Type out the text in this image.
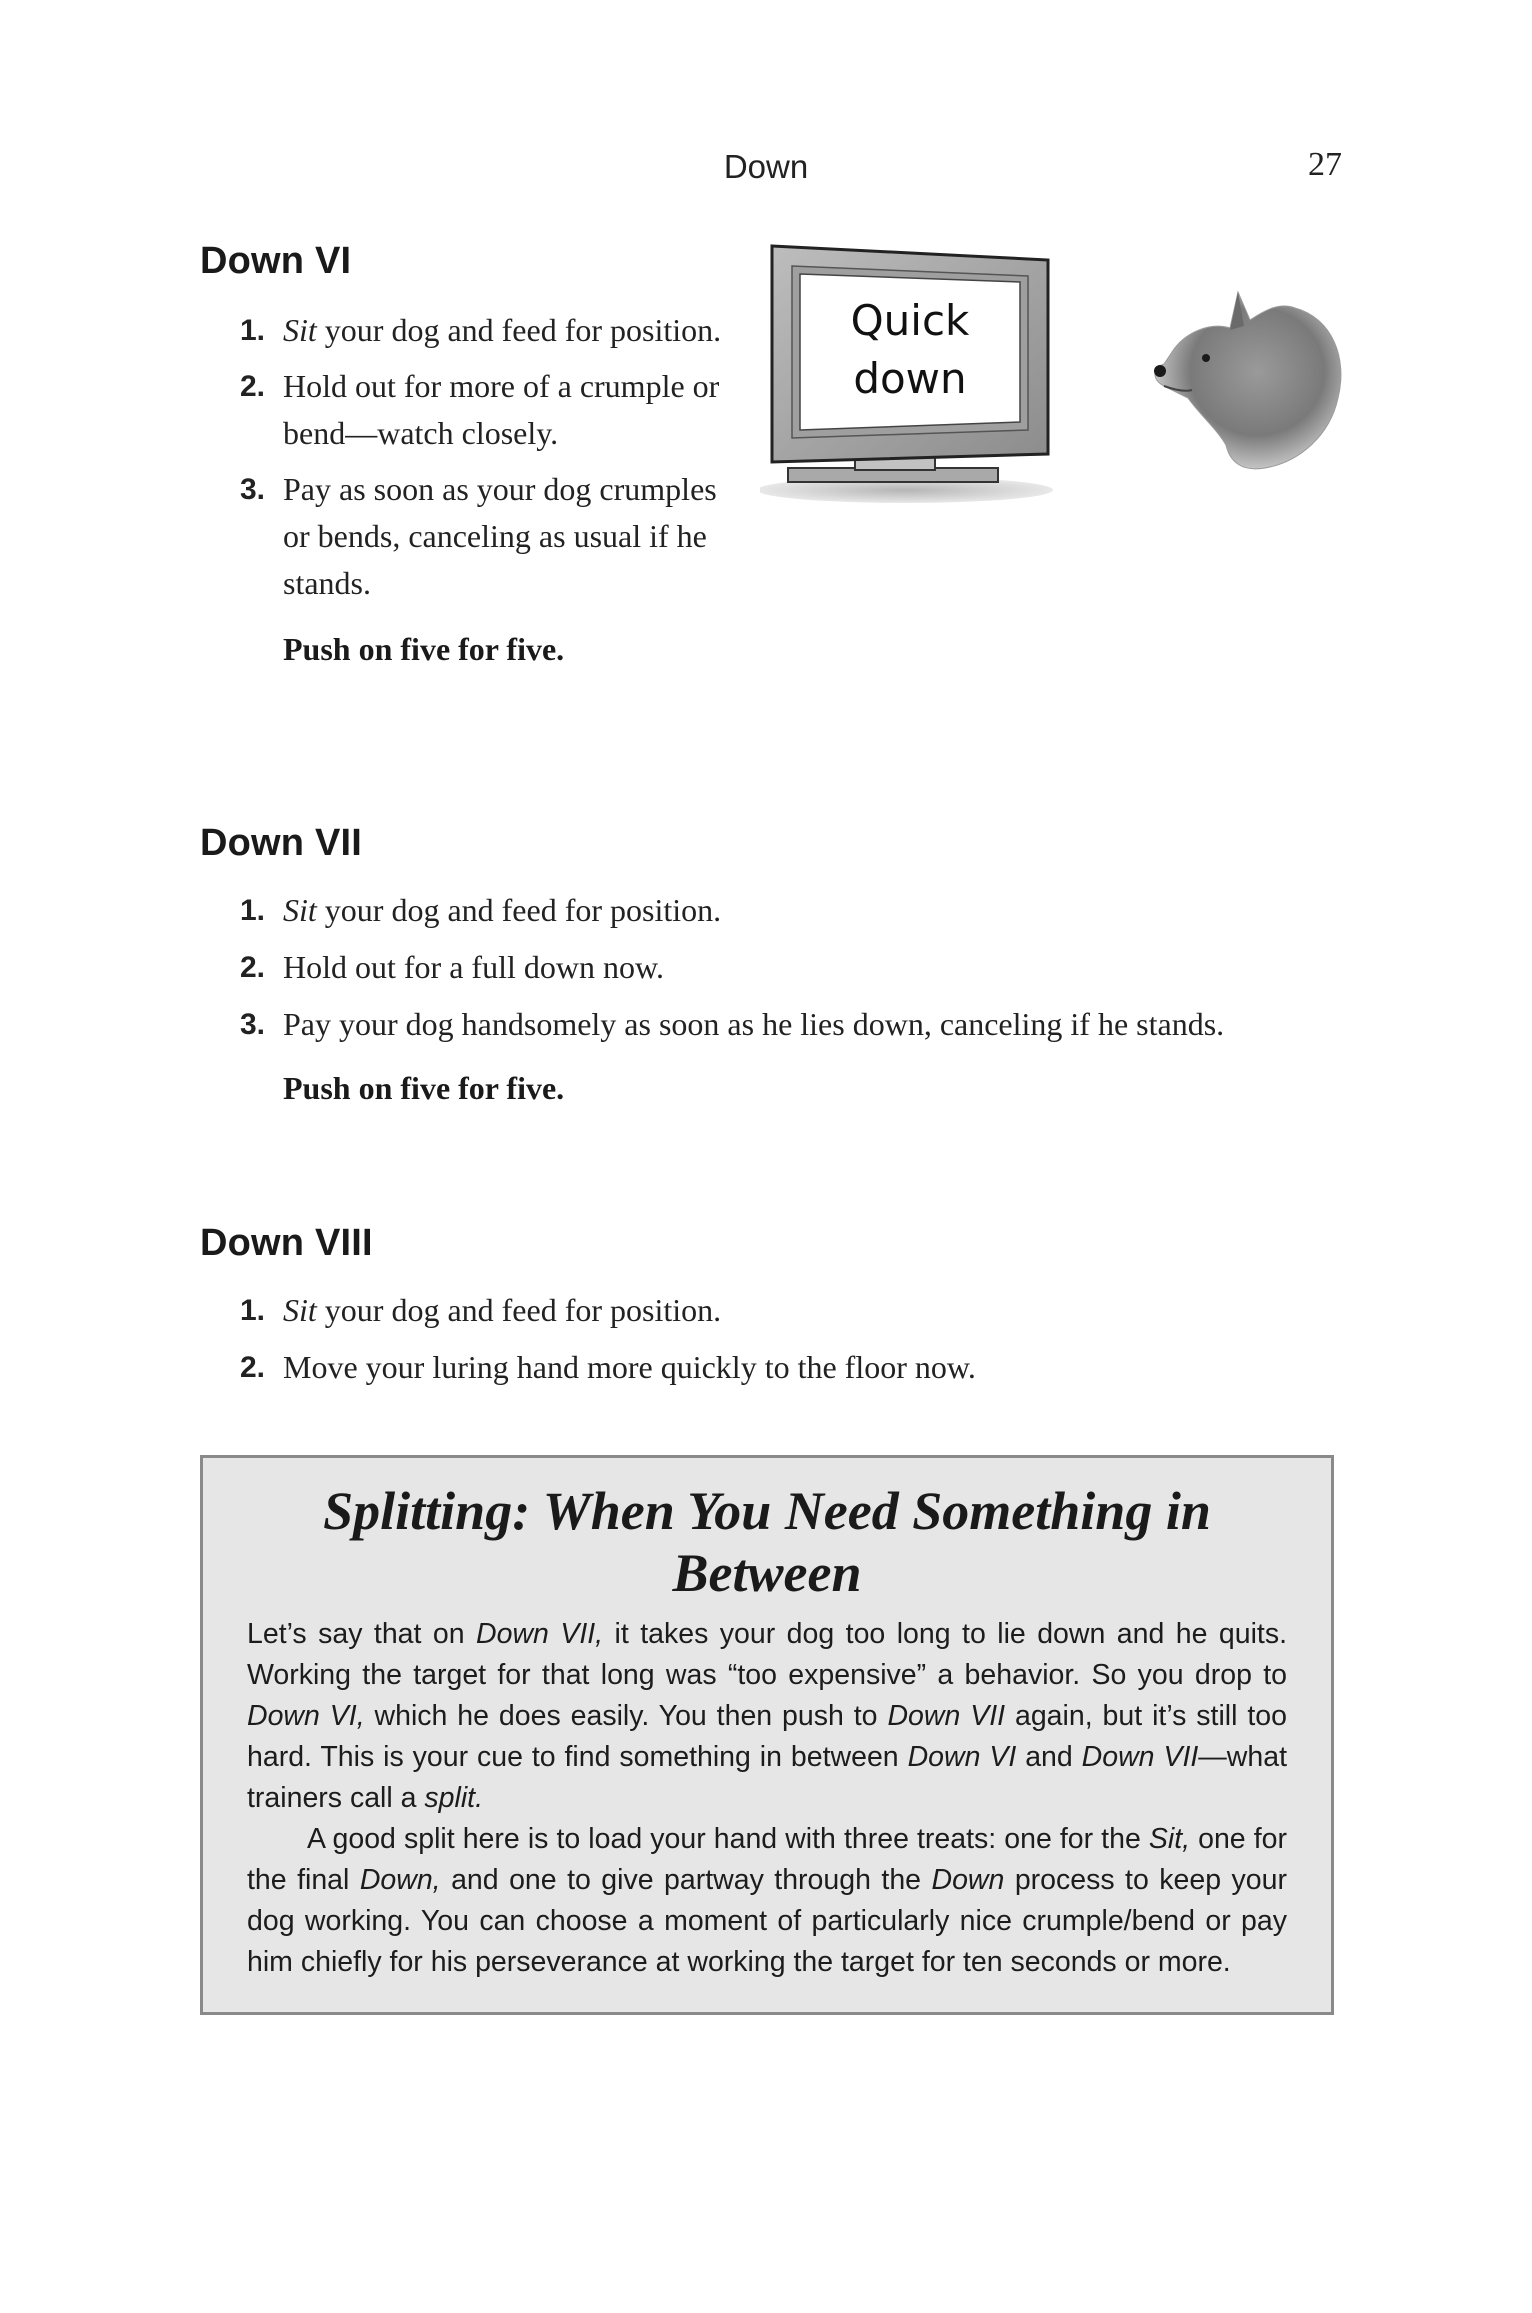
Down	27
Down VI
1. Sit your dog and feed for position.
2. Hold out for more of a crumple or bend—watch closely.
3. Pay as soon as your dog crumples or bends, canceling as usual if he stands.
Push on five for five.
Quick
down
Down VII
1. Sit your dog and feed for position.
2. Hold out for a full down now.
3. Pay your dog handsomely as soon as he lies down, canceling if he stands.
Push on five for five.
Down VIII
1. Sit your dog and feed for position.
2. Move your luring hand more quickly to the floor now.
Splitting: When You Need Something in Between

Let’s say that on Down VII, it takes your dog too long to lie down and he quits. Working the target for that long was “too expensive” a behavior. So you drop to Down VI, which he does easily. You then push to Down VII again, but it’s still too hard. This is your cue to find something in between Down VI and Down VII—what trainers call a split.

A good split here is to load your hand with three treats: one for the Sit, one for the final Down, and one to give partway through the Down process to keep your dog working. You can choose a moment of particularly nice crumple/bend or pay him chiefly for his perseverance at working the target for ten seconds or more.
